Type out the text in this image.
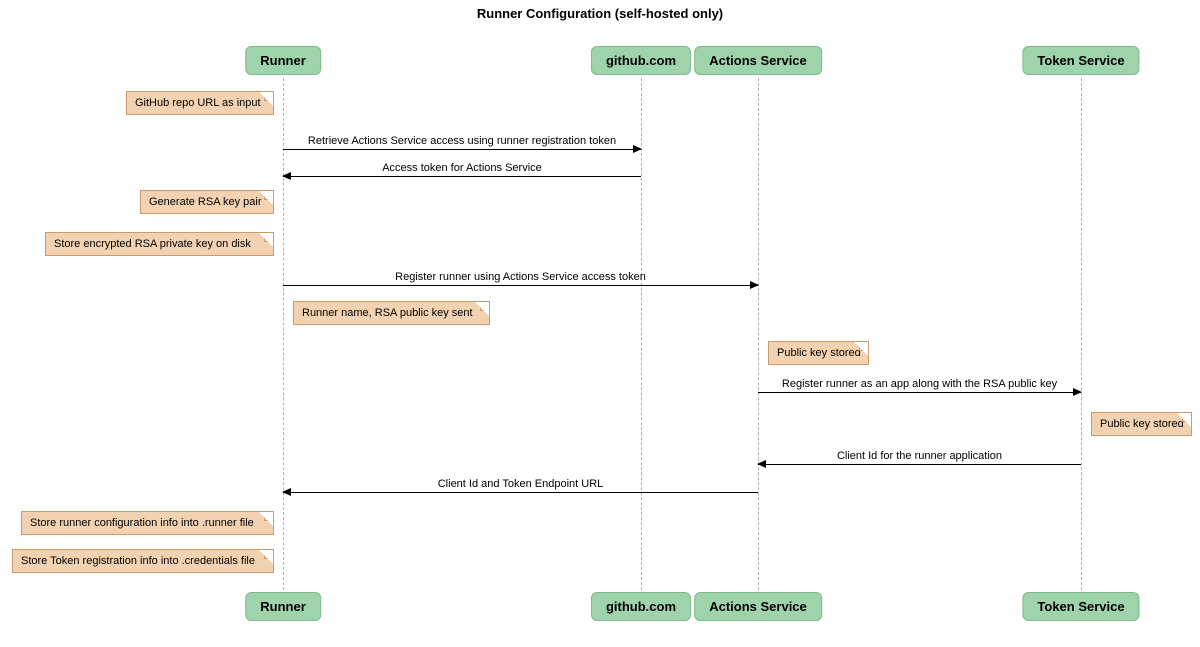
Runner Configuration (self-hosted only)
Runner	github.com	Actions Service	Token Service
Runner	github.com	Actions Service	Token Service
Retrieve Actions Service access using runner registration token
Access token for Actions Service
Register runner using Actions Service access token
Register runner as an app along with the RSA public key
Client Id for the runner application
Client Id and Token Endpoint URL
GitHub repo URL as input
Generate RSA key pair
Store encrypted RSA private key on disk
Runner name, RSA public key sent
Public key stored
Public key stored
Store runner configuration info into .runner file
Store Token registration info into .credentials file
